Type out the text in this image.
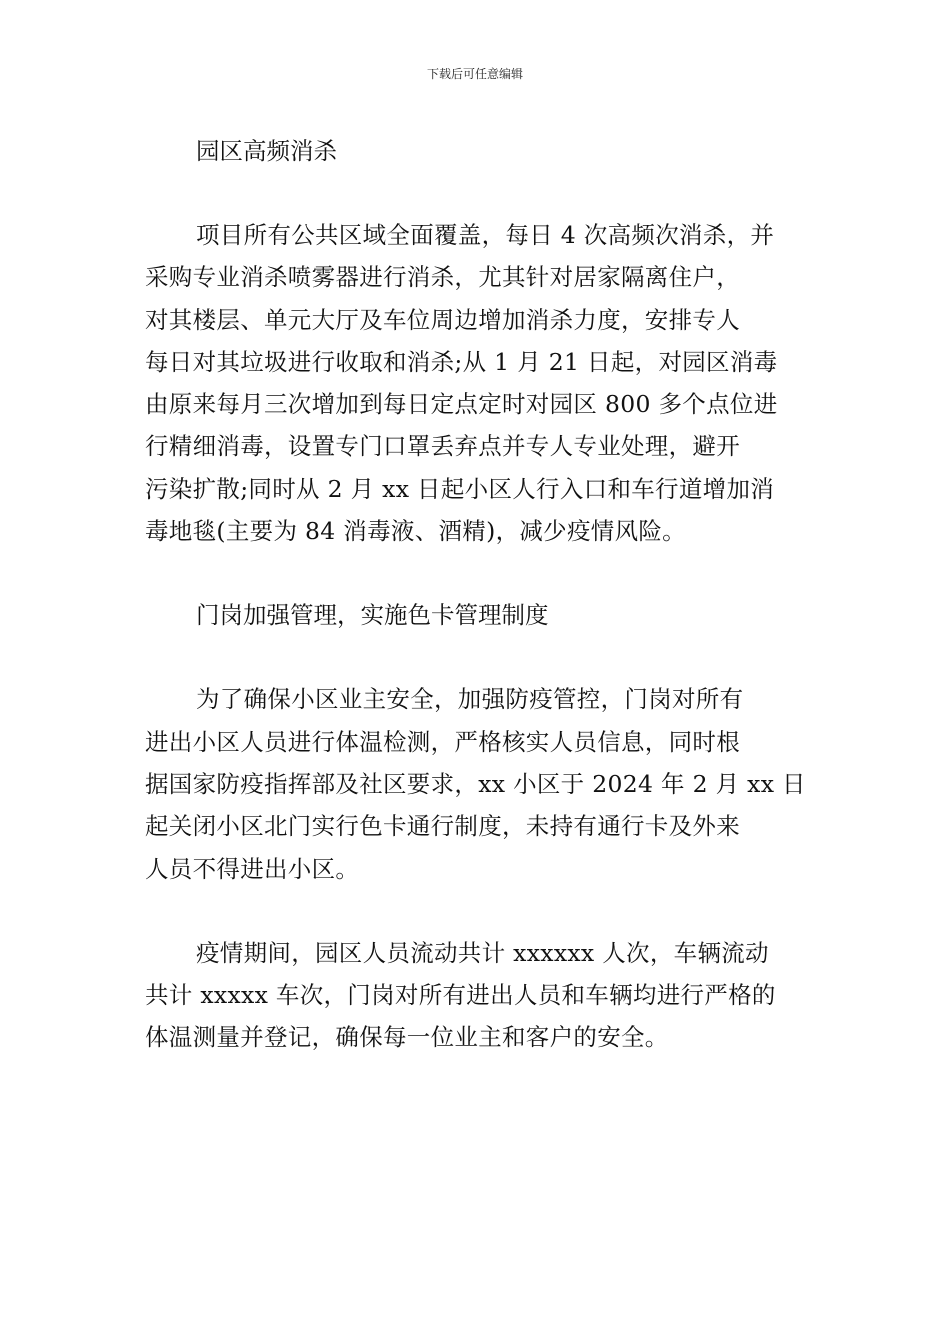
下载后可任意编辑

园区高频消杀

项目所有公共区域全面覆盖，每日 4 次高频次消杀，并
采购专业消杀喷雾器进行消杀，尤其针对居家隔离住户，
对其楼层、单元大厅及车位周边增加消杀力度，安排专人
每日对其垃圾进行收取和消杀;从 1 月 21 日起，对园区消毒
由原来每月三次增加到每日定点定时对园区 800 多个点位进
行精细消毒，设置专门口罩丢弃点并专人专业处理，避开
污染扩散;同时从 2 月 xx 日起小区人行入口和车行道增加消
毒地毯(主要为 84 消毒液、酒精)，减少疫情风险。

门岗加强管理，实施色卡管理制度

为了确保小区业主安全，加强防疫管控，门岗对所有
进出小区人员进行体温检测，严格核实人员信息，同时根
据国家防疫指挥部及社区要求，xx 小区于 2024 年 2 月 xx 日
起关闭小区北门实行色卡通行制度，未持有通行卡及外来
人员不得进出小区。
疫情期间，园区人员流动共计 xxxxxx 人次，车辆流动
共计 xxxxx 车次，门岗对所有进出人员和车辆均进行严格的
体温测量并登记，确保每一位业主和客户的安全。
